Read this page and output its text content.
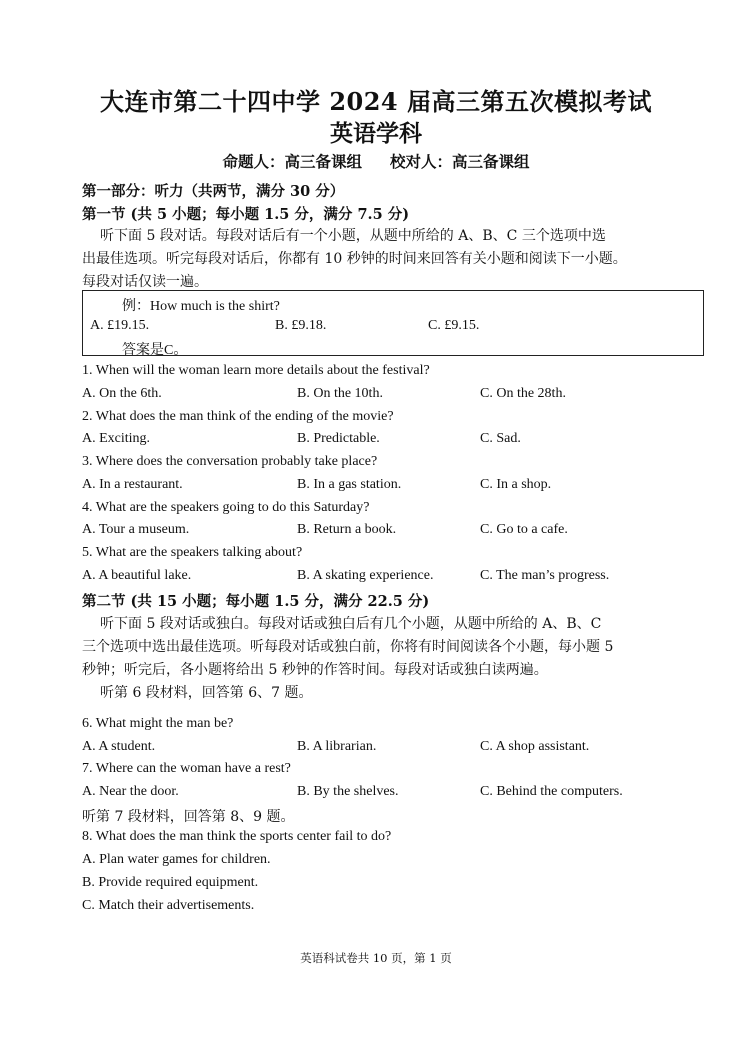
大连市第二十四中学 2024 届高三第五次模拟考试
英语学科
命题人：高三备课组 校对人：高三备课组
第一部分：听力（共两节，满分 30 分）
第一节 (共 5 小题；每小题 1.5 分，满分 7.5 分)
听下面 5 段对话。每段对话后有一个小题，从题中所给的 A、B、C 三个选项中选
出最佳选项。听完每段对话后，你都有 10 秒钟的时间来回答有关小题和阅读下一小题。
每段对话仅读一遍。
例：How much is the shirt?
A. £19.15.	B. £9.18.	C. £9.15.
答案是C。
1. When will the woman learn more details about the festival?
A. On the 6th.	B. On the 10th.	C. On the 28th.
2. What does the man think of the ending of the movie?
A. Exciting.	B. Predictable.	C. Sad.
3. Where does the conversation probably take place?
A. In a restaurant.	B. In a gas station.	C. In a shop.
4. What are the speakers going to do this Saturday?
A. Tour a museum.	B. Return a book.	C. Go to a cafe.
5. What are the speakers talking about?
A. A beautiful lake.	B. A skating experience.	C. The man’s progress.
第二节 (共 15 小题；每小题 1.5 分，满分 22.5 分)
听下面 5 段对话或独白。每段对话或独白后有几个小题，从题中所给的 A、B、C
三个选项中选出最佳选项。听每段对话或独白前，你将有时间阅读各个小题，每小题 5
秒钟；听完后，各小题将给出 5 秒钟的作答时间。每段对话或独白读两遍。
听第 6 段材料，回答第 6、7 题。
6. What might the man be?
A. A student.	B. A librarian.	C. A shop assistant.
7. Where can the woman have a rest?
A. Near the door.	B. By the shelves.	C. Behind the computers.
听第 7 段材料，回答第 8、9 题。
8. What does the man think the sports center fail to do?
A. Plan water games for children.
B. Provide required equipment.
C. Match their advertisements.
英语科试卷共 10 页，第 1 页
